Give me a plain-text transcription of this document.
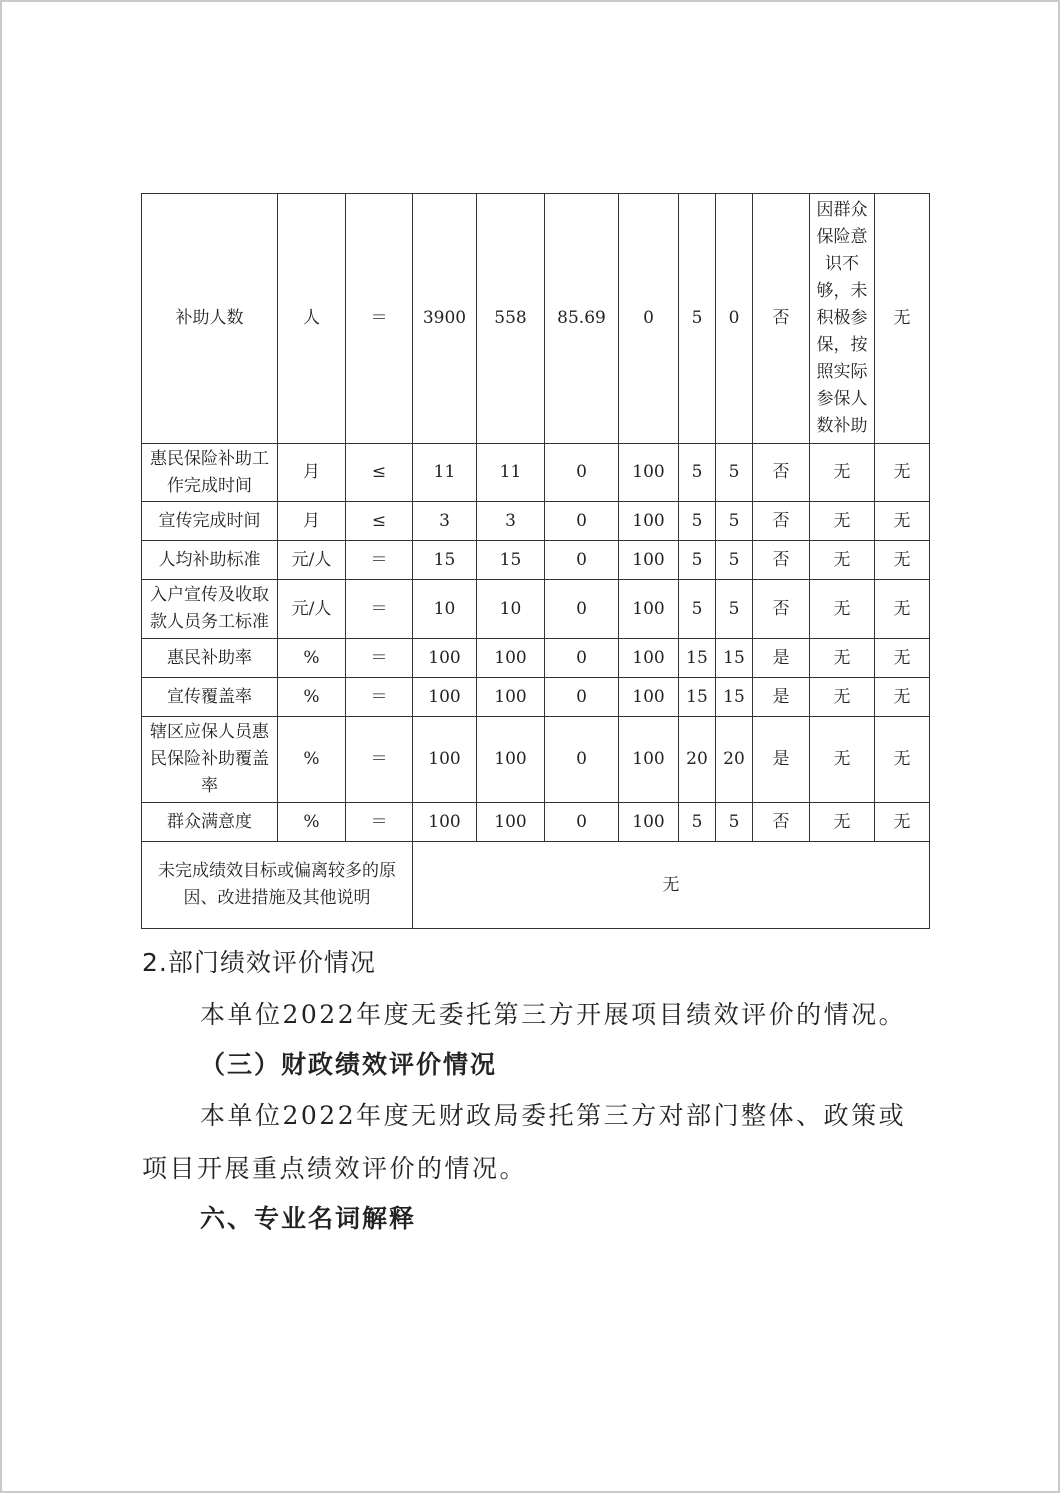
补助人数	人	＝	3900	558	85.69	0	5	0	否	因群众保险意识不够，未积极参保，按照实际参保人数补助	无
惠民保险补助工作完成时间	月	≤	11	11	0	100	5	5	否	无	无
宣传完成时间	月	≤	3	3	0	100	5	5	否	无	无
人均补助标准	元/人	＝	15	15	0	100	5	5	否	无	无
入户宣传及收取款人员务工标准	元/人	＝	10	10	0	100	5	5	否	无	无
惠民补助率	%	＝	100	100	0	100	15	15	是	无	无
宣传覆盖率	%	＝	100	100	0	100	15	15	是	无	无
辖区应保人员惠民保险补助覆盖率	%	＝	100	100	0	100	20	20	是	无	无
群众满意度	%	＝	100	100	0	100	5	5	否	无	无
未完成绩效目标或偏离较多的原因、改进措施及其他说明			无								

2.部门绩效评价情况

本单位2022年度无委托第三方开展项目绩效评价的情况。

（三）财政绩效评价情况

本单位2022年度无财政局委托第三方对部门整体、政策或

项目开展重点绩效评价的情况。

六、专业名词解释
